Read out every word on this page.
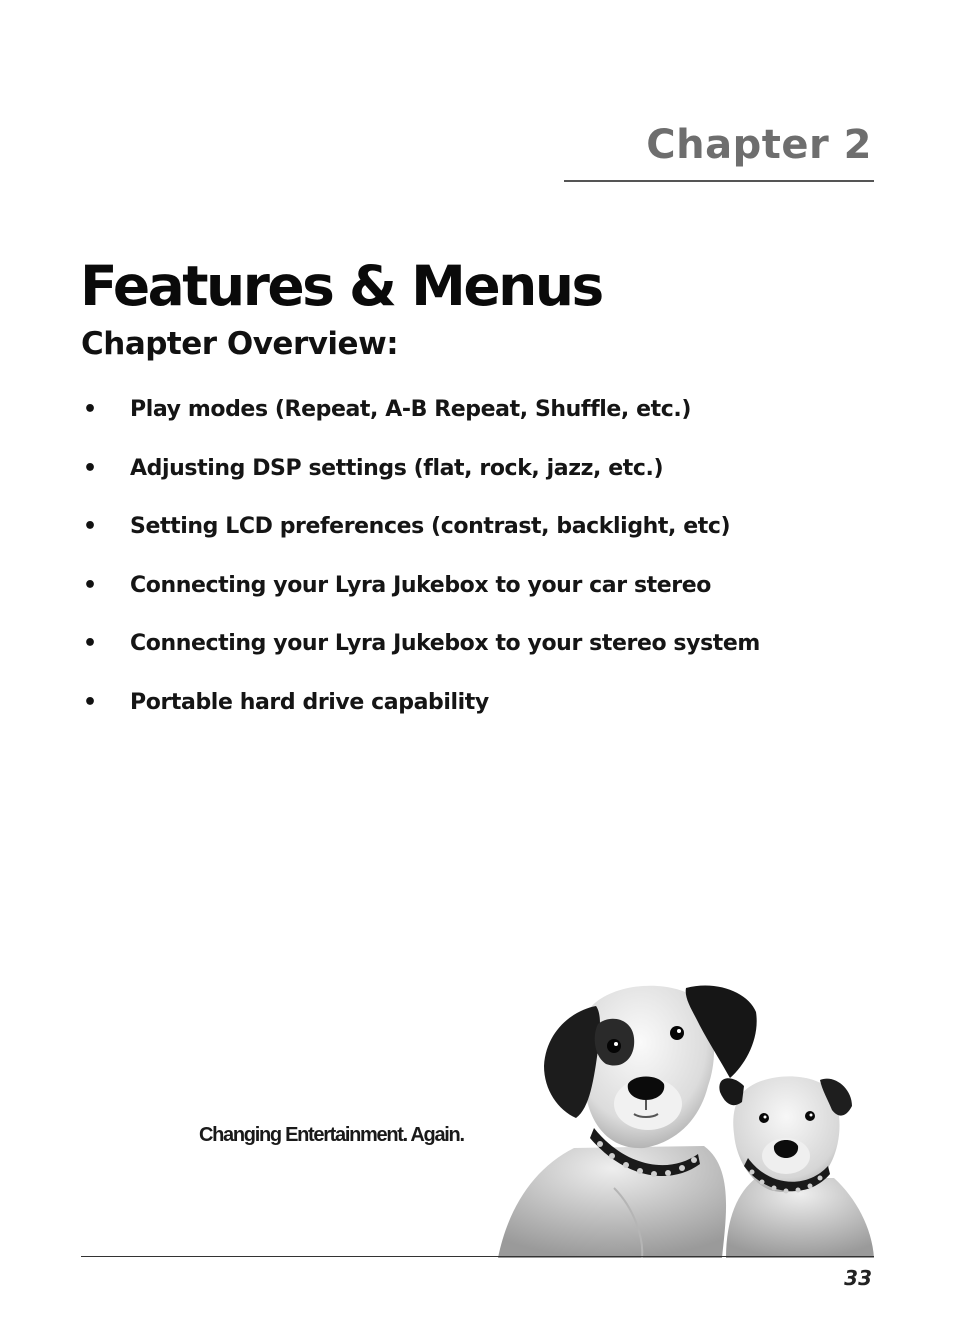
Chapter 2
Features & Menus
Chapter Overview:
•	Play modes (Repeat, A-B Repeat, Shuffle, etc.)
•	Adjusting DSP settings (flat, rock, jazz, etc.)
•	Setting LCD preferences (contrast, backlight, etc)
•	Connecting your Lyra Jukebox to your car stereo
•	Connecting your Lyra Jukebox to your stereo system
•	Portable hard drive capability
Changing Entertainment. Again.
33
